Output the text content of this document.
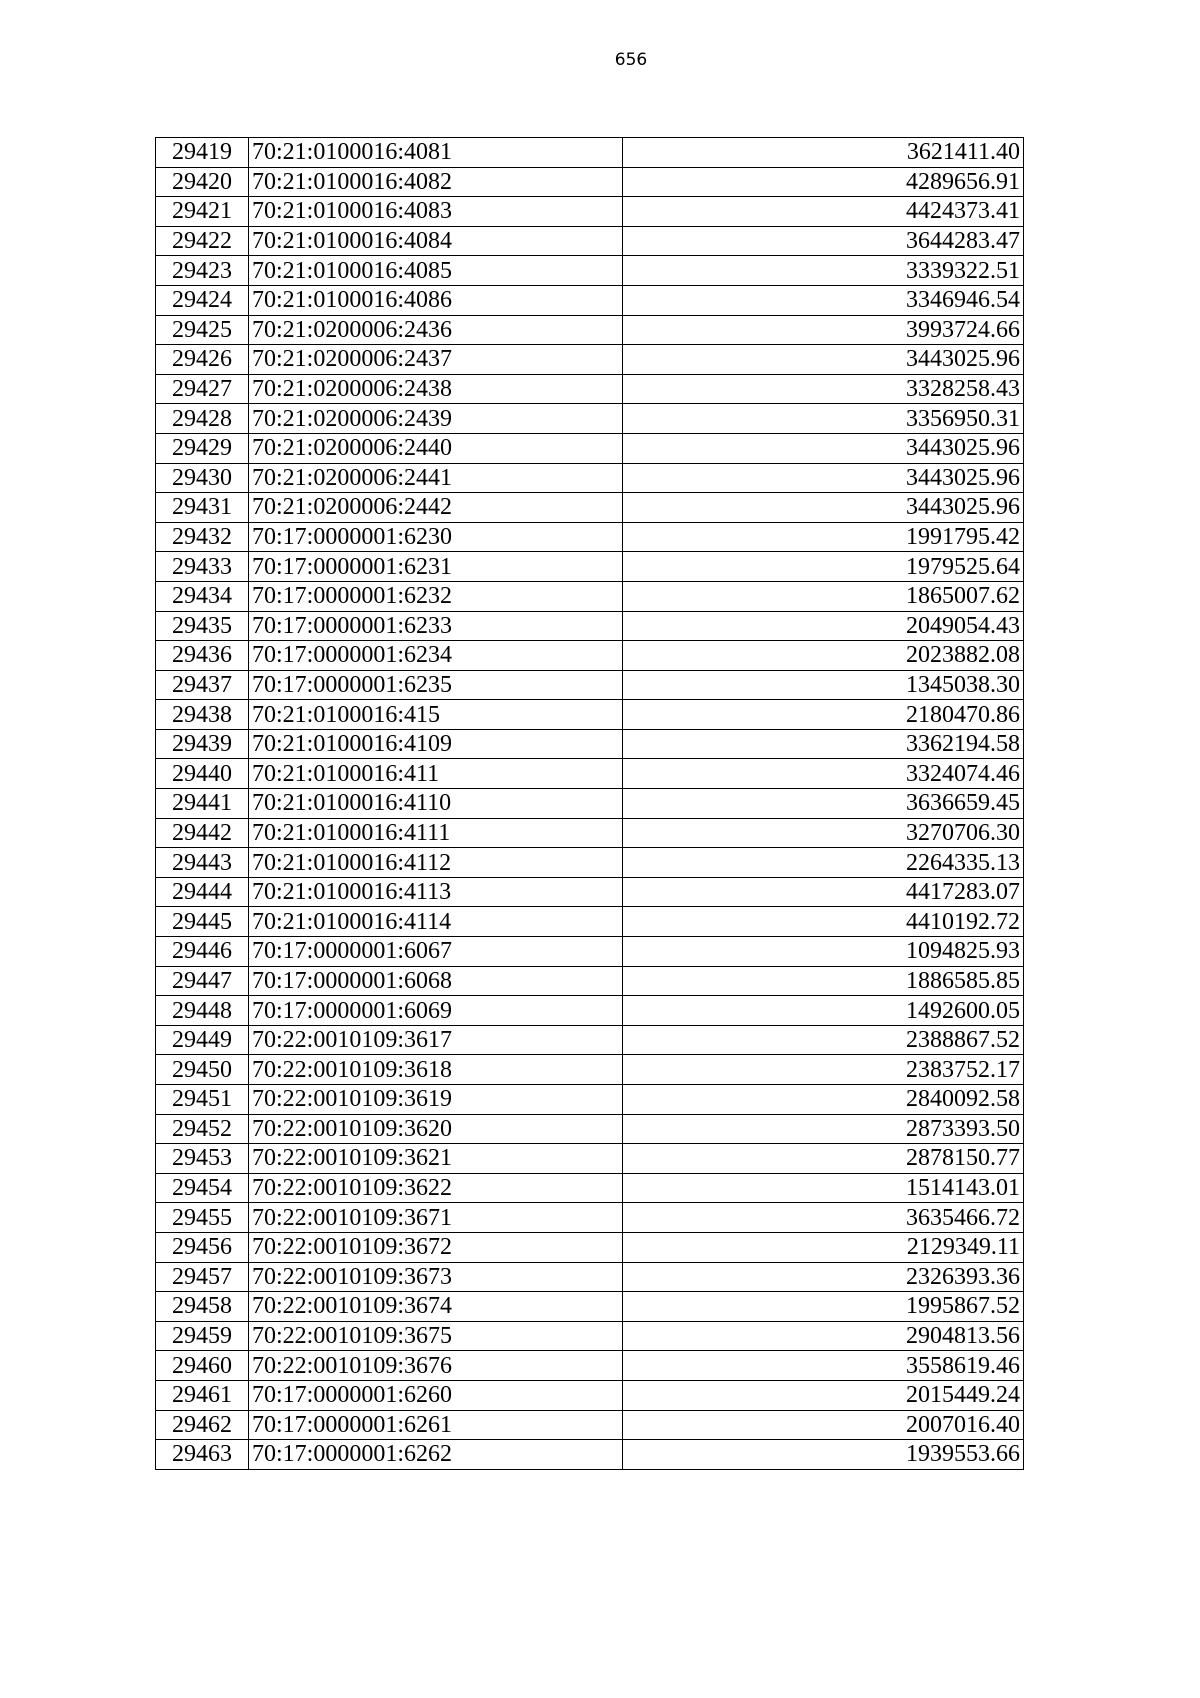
656
29419	70:21:0100016:4081	3621411.40
29420	70:21:0100016:4082	4289656.91
29421	70:21:0100016:4083	4424373.41
29422	70:21:0100016:4084	3644283.47
29423	70:21:0100016:4085	3339322.51
29424	70:21:0100016:4086	3346946.54
29425	70:21:0200006:2436	3993724.66
29426	70:21:0200006:2437	3443025.96
29427	70:21:0200006:2438	3328258.43
29428	70:21:0200006:2439	3356950.31
29429	70:21:0200006:2440	3443025.96
29430	70:21:0200006:2441	3443025.96
29431	70:21:0200006:2442	3443025.96
29432	70:17:0000001:6230	1991795.42
29433	70:17:0000001:6231	1979525.64
29434	70:17:0000001:6232	1865007.62
29435	70:17:0000001:6233	2049054.43
29436	70:17:0000001:6234	2023882.08
29437	70:17:0000001:6235	1345038.30
29438	70:21:0100016:415	2180470.86
29439	70:21:0100016:4109	3362194.58
29440	70:21:0100016:411	3324074.46
29441	70:21:0100016:4110	3636659.45
29442	70:21:0100016:4111	3270706.30
29443	70:21:0100016:4112	2264335.13
29444	70:21:0100016:4113	4417283.07
29445	70:21:0100016:4114	4410192.72
29446	70:17:0000001:6067	1094825.93
29447	70:17:0000001:6068	1886585.85
29448	70:17:0000001:6069	1492600.05
29449	70:22:0010109:3617	2388867.52
29450	70:22:0010109:3618	2383752.17
29451	70:22:0010109:3619	2840092.58
29452	70:22:0010109:3620	2873393.50
29453	70:22:0010109:3621	2878150.77
29454	70:22:0010109:3622	1514143.01
29455	70:22:0010109:3671	3635466.72
29456	70:22:0010109:3672	2129349.11
29457	70:22:0010109:3673	2326393.36
29458	70:22:0010109:3674	1995867.52
29459	70:22:0010109:3675	2904813.56
29460	70:22:0010109:3676	3558619.46
29461	70:17:0000001:6260	2015449.24
29462	70:17:0000001:6261	2007016.40
29463	70:17:0000001:6262	1939553.66
